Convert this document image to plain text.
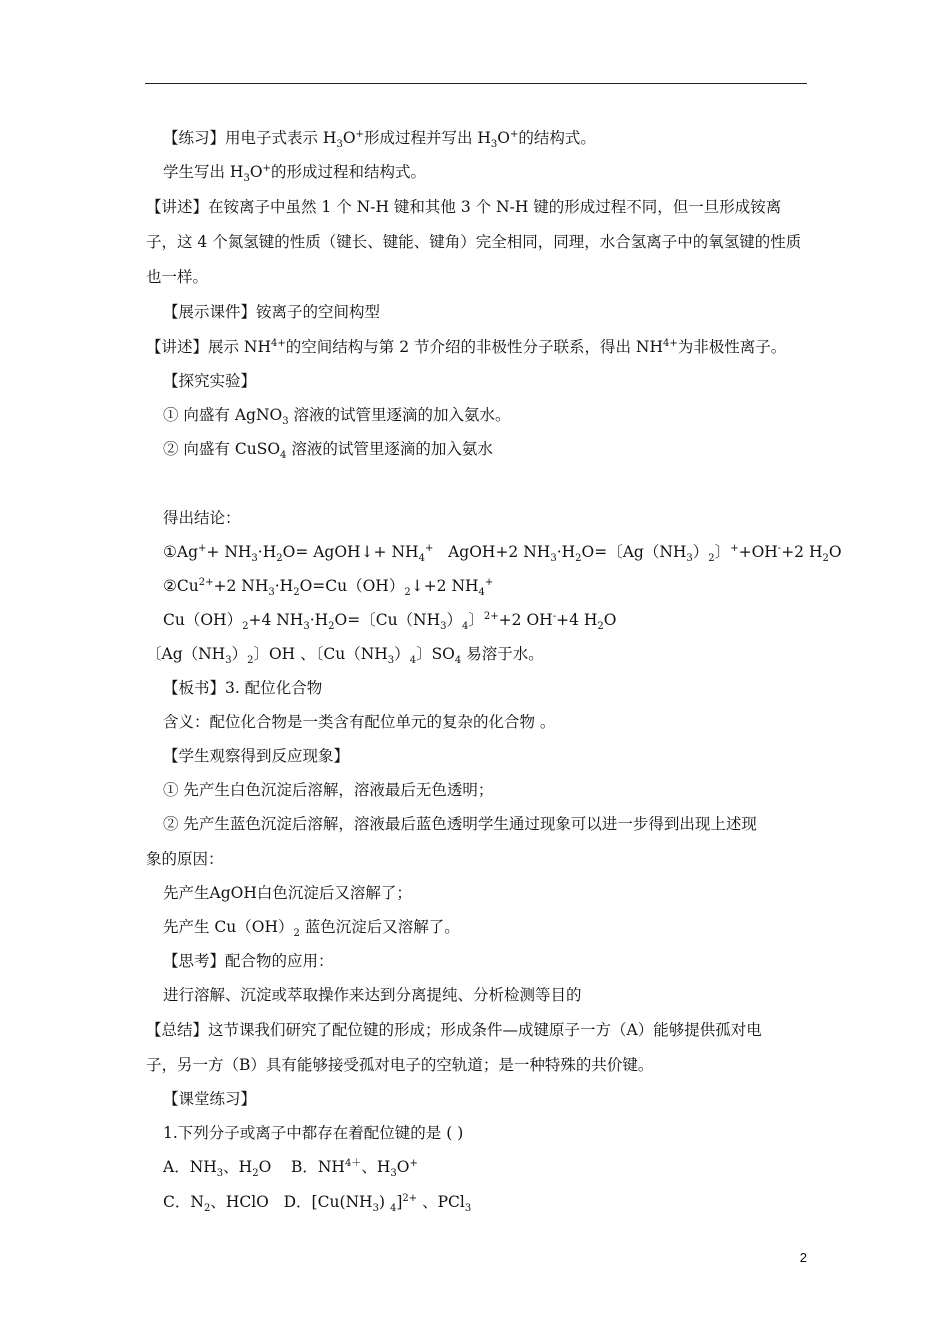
【练习】用电子式表示 $H_3O^+$形成过程并写出 $H_3O^+$的结构式。
学生写出 $H_3O^+$的形成过程和结构式。
【讲述】在铵离子中虽然 1 个 N-H 键和其他 3 个 N-H 键的形成过程不同，但一旦形成铵离
子，这 4 个氮氢键的性质（键长、键能、键角）完全相同，同理，水合氢离子中的氧氢键的性质
也一样。
【展示课件】铵离子的空间构型
【讲述】展示 $NH^{4+}$的空间结构与第 2 节介绍的非极性分子联系，得出 $NH^{4+}$为非极性离子。
【探究实验】
① 向盛有 AgNO$_3$ 溶液的试管里逐滴的加入氨水。
② 向盛有 CuSO$_4$ 溶液的试管里逐滴的加入氨水
得出结论：
①Ag++ $NH_3\cdot H_2O=$ AgOH↓+ $NH_4^+$   AgOH+2 $NH_3\cdot H_2O=$〔$Ag(NH_3)_2$〕++OH-+2 $H_2O$
$②Cu^{2+}+2$ $NH_3\cdot H_2O=Cu(OH)_2↓+2$ $NH_4^+$
$Cu(OH)_2+4$ $NH_3\cdot H_2O=$〔$Cu(NH_3)_4$〕$^{2+}$+2 OH-+4 $H_2O$
〔$Ag(NH_3)_2$〕OH 、〔$Cu(NH_3)_4$〕$SO_4$ 易溶于水。
【板书】3. 配位化合物
含义：配位化合物是一类含有配位单元的复杂的化合物 。
【学生观察得到反应现象】
① 先产生白色沉淀后溶解，溶液最后无色透明；
② 先产生蓝色沉淀后溶解，溶液最后蓝色透明学生通过现象可以进一步得到出现上述现
象的原因：
先产生AgOH白色沉淀后又溶解了；
先产生 $Cu(OH)_2$ 蓝色沉淀后又溶解了。
【思考】配合物的应用：
进行溶解、沉淀或萃取操作来达到分离提纯、分析检测等目的
【总结】这节课我们研究了配位键的形成；形成条件—成键原子一方（A）能够提供孤对电
子，另一方（B）具有能够接受孤对电子的空轨道；是一种特殊的共价键。
【课堂练习】
1.下列分子或离子中都存在着配位键的是 ( )
A．$NH_3$、$H_2O$    B．$NH^{4+}$、$H_3O^+$
C．$N_2$、HClO   D．[$Cu(NH_3)$ $_4$]$^{2+}$ 、PCl$_3$
2
